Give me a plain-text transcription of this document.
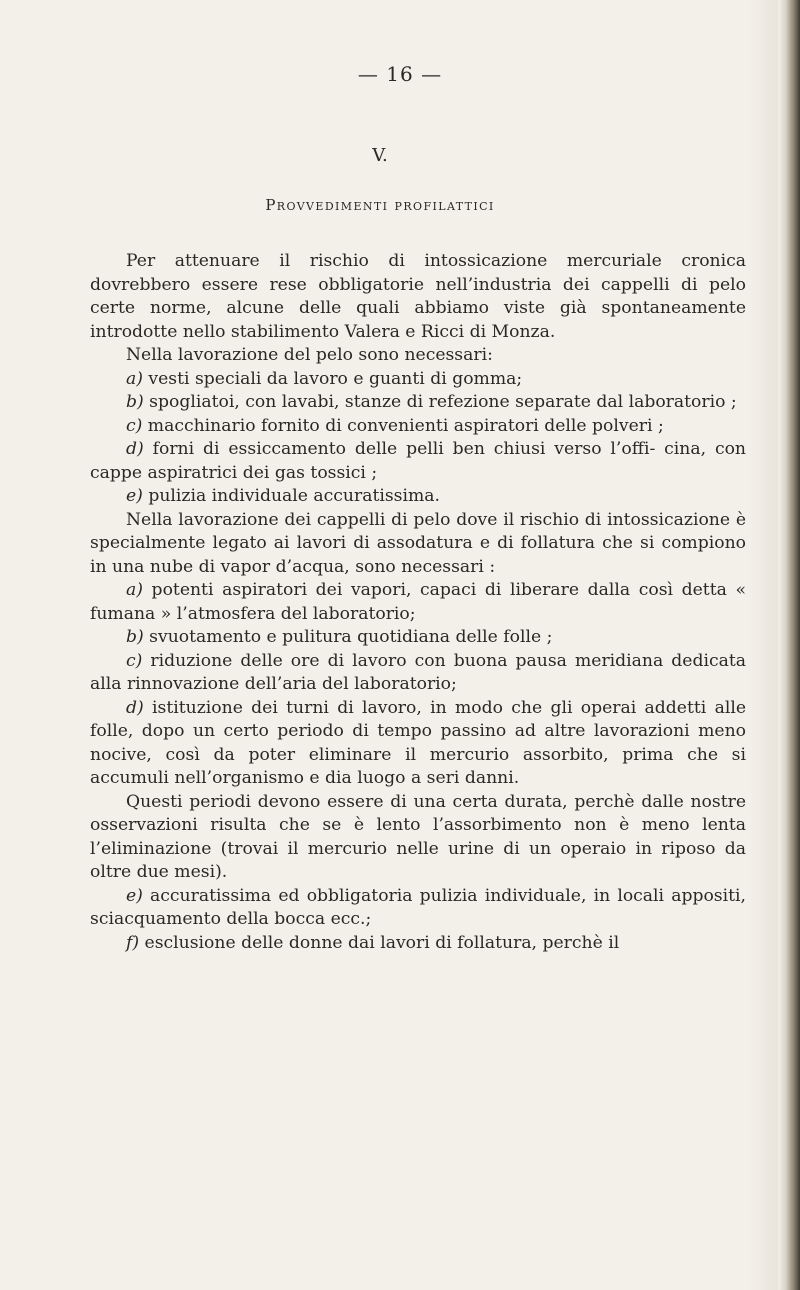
— 16 —
V.
Provvedimenti profilattici

Per attenuare il rischio di intossicazione mercuriale cronica dovrebbero essere rese obbligatorie nell’industria dei cappelli di pelo certe norme, alcune delle quali abbiamo viste già spontaneamente introdotte nello stabilimento Valera e Ricci di Monza.

Nella lavorazione del pelo sono necessari:

a) vesti speciali da lavoro e guanti di gomma;

b) spogliatoi, con lavabi, stanze di refezione separate dal laboratorio ;

c) macchinario fornito di convenienti aspiratori delle polveri ;

d) forni di essiccamento delle pelli ben chiusi verso l’offi- cina, con cappe aspiratrici dei gas tossici ;

e) pulizia individuale accuratissima.

Nella lavorazione dei cappelli di pelo dove il rischio di intossicazione è specialmente legato ai lavori di assodatura e di follatura che si compiono in una nube di vapor d’acqua, sono necessari :

a) potenti aspiratori dei vapori, capaci di liberare dalla così detta « fumana » l’atmosfera del laboratorio;

b) svuotamento e pulitura quotidiana delle folle ;

c) riduzione delle ore di lavoro con buona pausa meridiana dedicata alla rinnovazione dell’aria del laboratorio;

d) istituzione dei turni di lavoro, in modo che gli operai addetti alle folle, dopo un certo periodo di tempo passino ad altre lavorazioni meno nocive, così da poter eliminare il mercurio assorbito, prima che si accumuli nell’organismo e dia luogo a seri danni.

Questi periodi devono essere di una certa durata, perchè dalle nostre osservazioni risulta che se è lento l’assorbimento non è meno lenta l’eliminazione (trovai il mercurio nelle urine di un operaio in riposo da oltre due mesi).

e) accuratissima ed obbligatoria pulizia individuale, in locali appositi, sciacquamento della bocca ecc.;

f) esclusione delle donne dai lavori di follatura, perchè il
